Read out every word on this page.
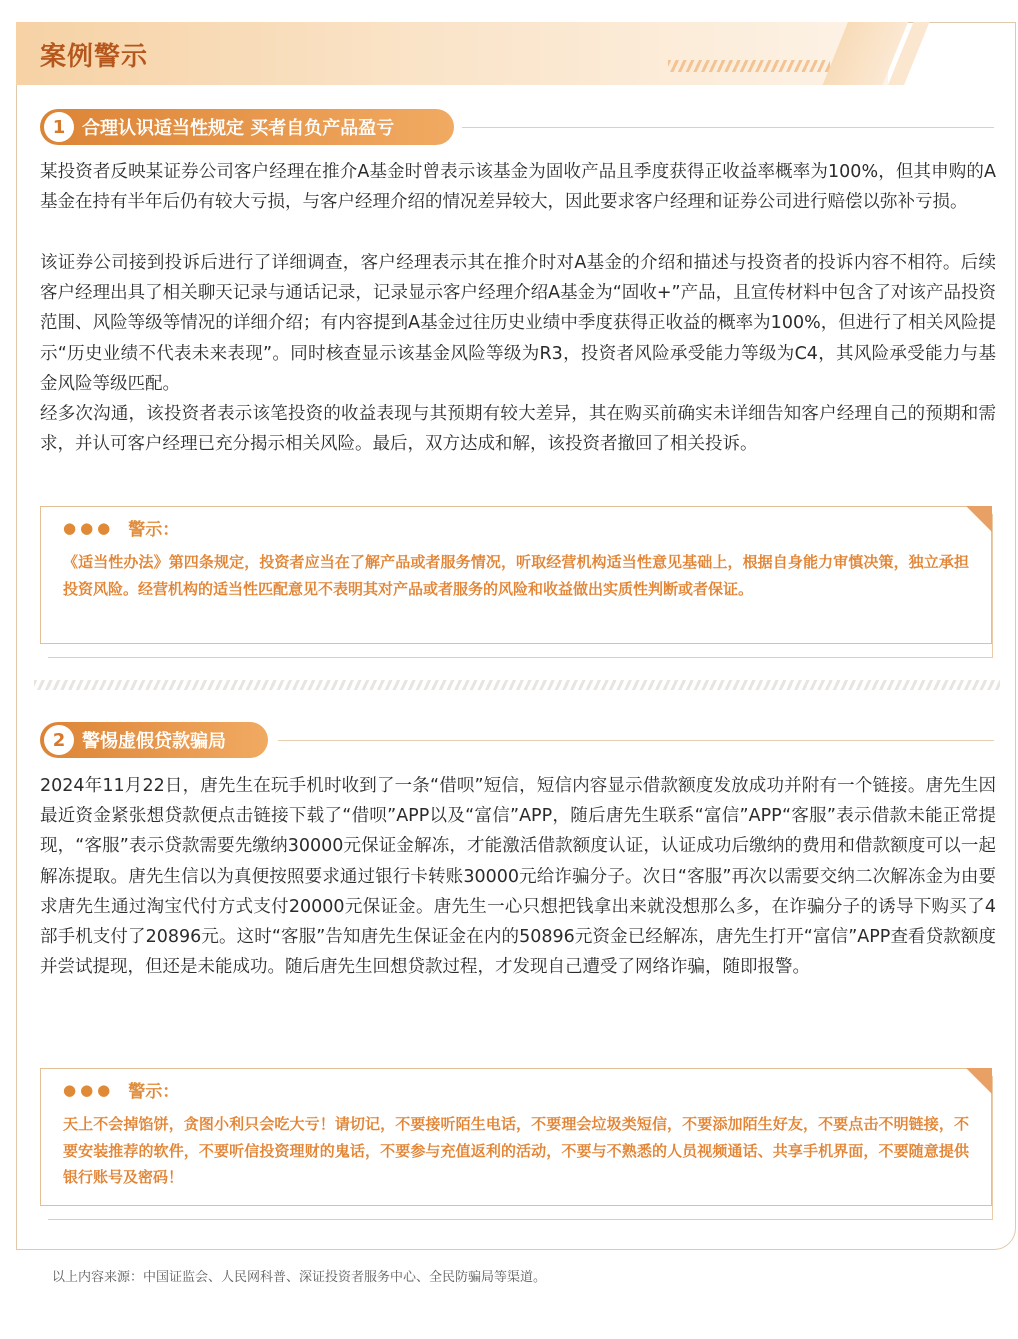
案例警示
1 合理认识适当性规定 买者自负产品盈亏

某投资者反映某证券公司客户经理在推介A基金时曾表示该基金为固收产品且季度获得正收益率概率为100%，但其申购的A基金在持有半年后仍有较大亏损，与客户经理介绍的情况差异较大，因此要求客户经理和证券公司进行赔偿以弥补亏损。

该证券公司接到投诉后进行了详细调查，客户经理表示其在推介时对A基金的介绍和描述与投资者的投诉内容不相符。后续客户经理出具了相关聊天记录与通话记录，记录显示客户经理介绍A基金为“固收+”产品，且宣传材料中包含了对该产品投资范围、风险等级等情况的详细介绍；有内容提到A基金过往历史业绩中季度获得正收益的概率为100%，但进行了相关风险提示“历史业绩不代表未来表现”。同时核查显示该基金风险等级为R3，投资者风险承受能力等级为C4，其风险承受能力与基金风险等级匹配。

经多次沟通，该投资者表示该笔投资的收益表现与其预期有较大差异，其在购买前确实未详细告知客户经理自己的预期和需求，并认可客户经理已充分揭示相关风险。最后，双方达成和解，该投资者撤回了相关投诉。

●●● 警示：

《适当性办法》第四条规定，投资者应当在了解产品或者服务情况，听取经营机构适当性意见基础上，根据自身能力审慎决策，独立承担投资风险。经营机构的适当性匹配意见不表明其对产品或者服务的风险和收益做出实质性判断或者保证。

2 警惕虚假贷款骗局

2024年11月22日，唐先生在玩手机时收到了一条“借呗”短信，短信内容显示借款额度发放成功并附有一个链接。唐先生因最近资金紧张想贷款便点击链接下载了“借呗”APP以及“富信”APP，随后唐先生联系“富信”APP“客服”表示借款未能正常提现，“客服”表示贷款需要先缴纳30000元保证金解冻，才能激活借款额度认证，认证成功后缴纳的费用和借款额度可以一起解冻提取。唐先生信以为真便按照要求通过银行卡转账30000元给诈骗分子。次日“客服”再次以需要交纳二次解冻金为由要求唐先生通过淘宝代付方式支付20000元保证金。唐先生一心只想把钱拿出来就没想那么多，在诈骗分子的诱导下购买了4部手机支付了20896元。这时“客服”告知唐先生保证金在内的50896元资金已经解冻，唐先生打开“富信”APP查看贷款额度并尝试提现，但还是未能成功。随后唐先生回想贷款过程，才发现自己遭受了网络诈骗，随即报警。

●●● 警示：

天上不会掉馅饼，贪图小利只会吃大亏！请切记，不要接听陌生电话，不要理会垃圾类短信，不要添加陌生好友，不要点击不明链接，不要安装推荐的软件，不要听信投资理财的鬼话，不要参与充值返利的活动，不要与不熟悉的人员视频通话、共享手机界面，不要随意提供银行账号及密码！

以上内容来源：中国证监会、人民网科普、深证投资者服务中心、全民防骗局等渠道。
